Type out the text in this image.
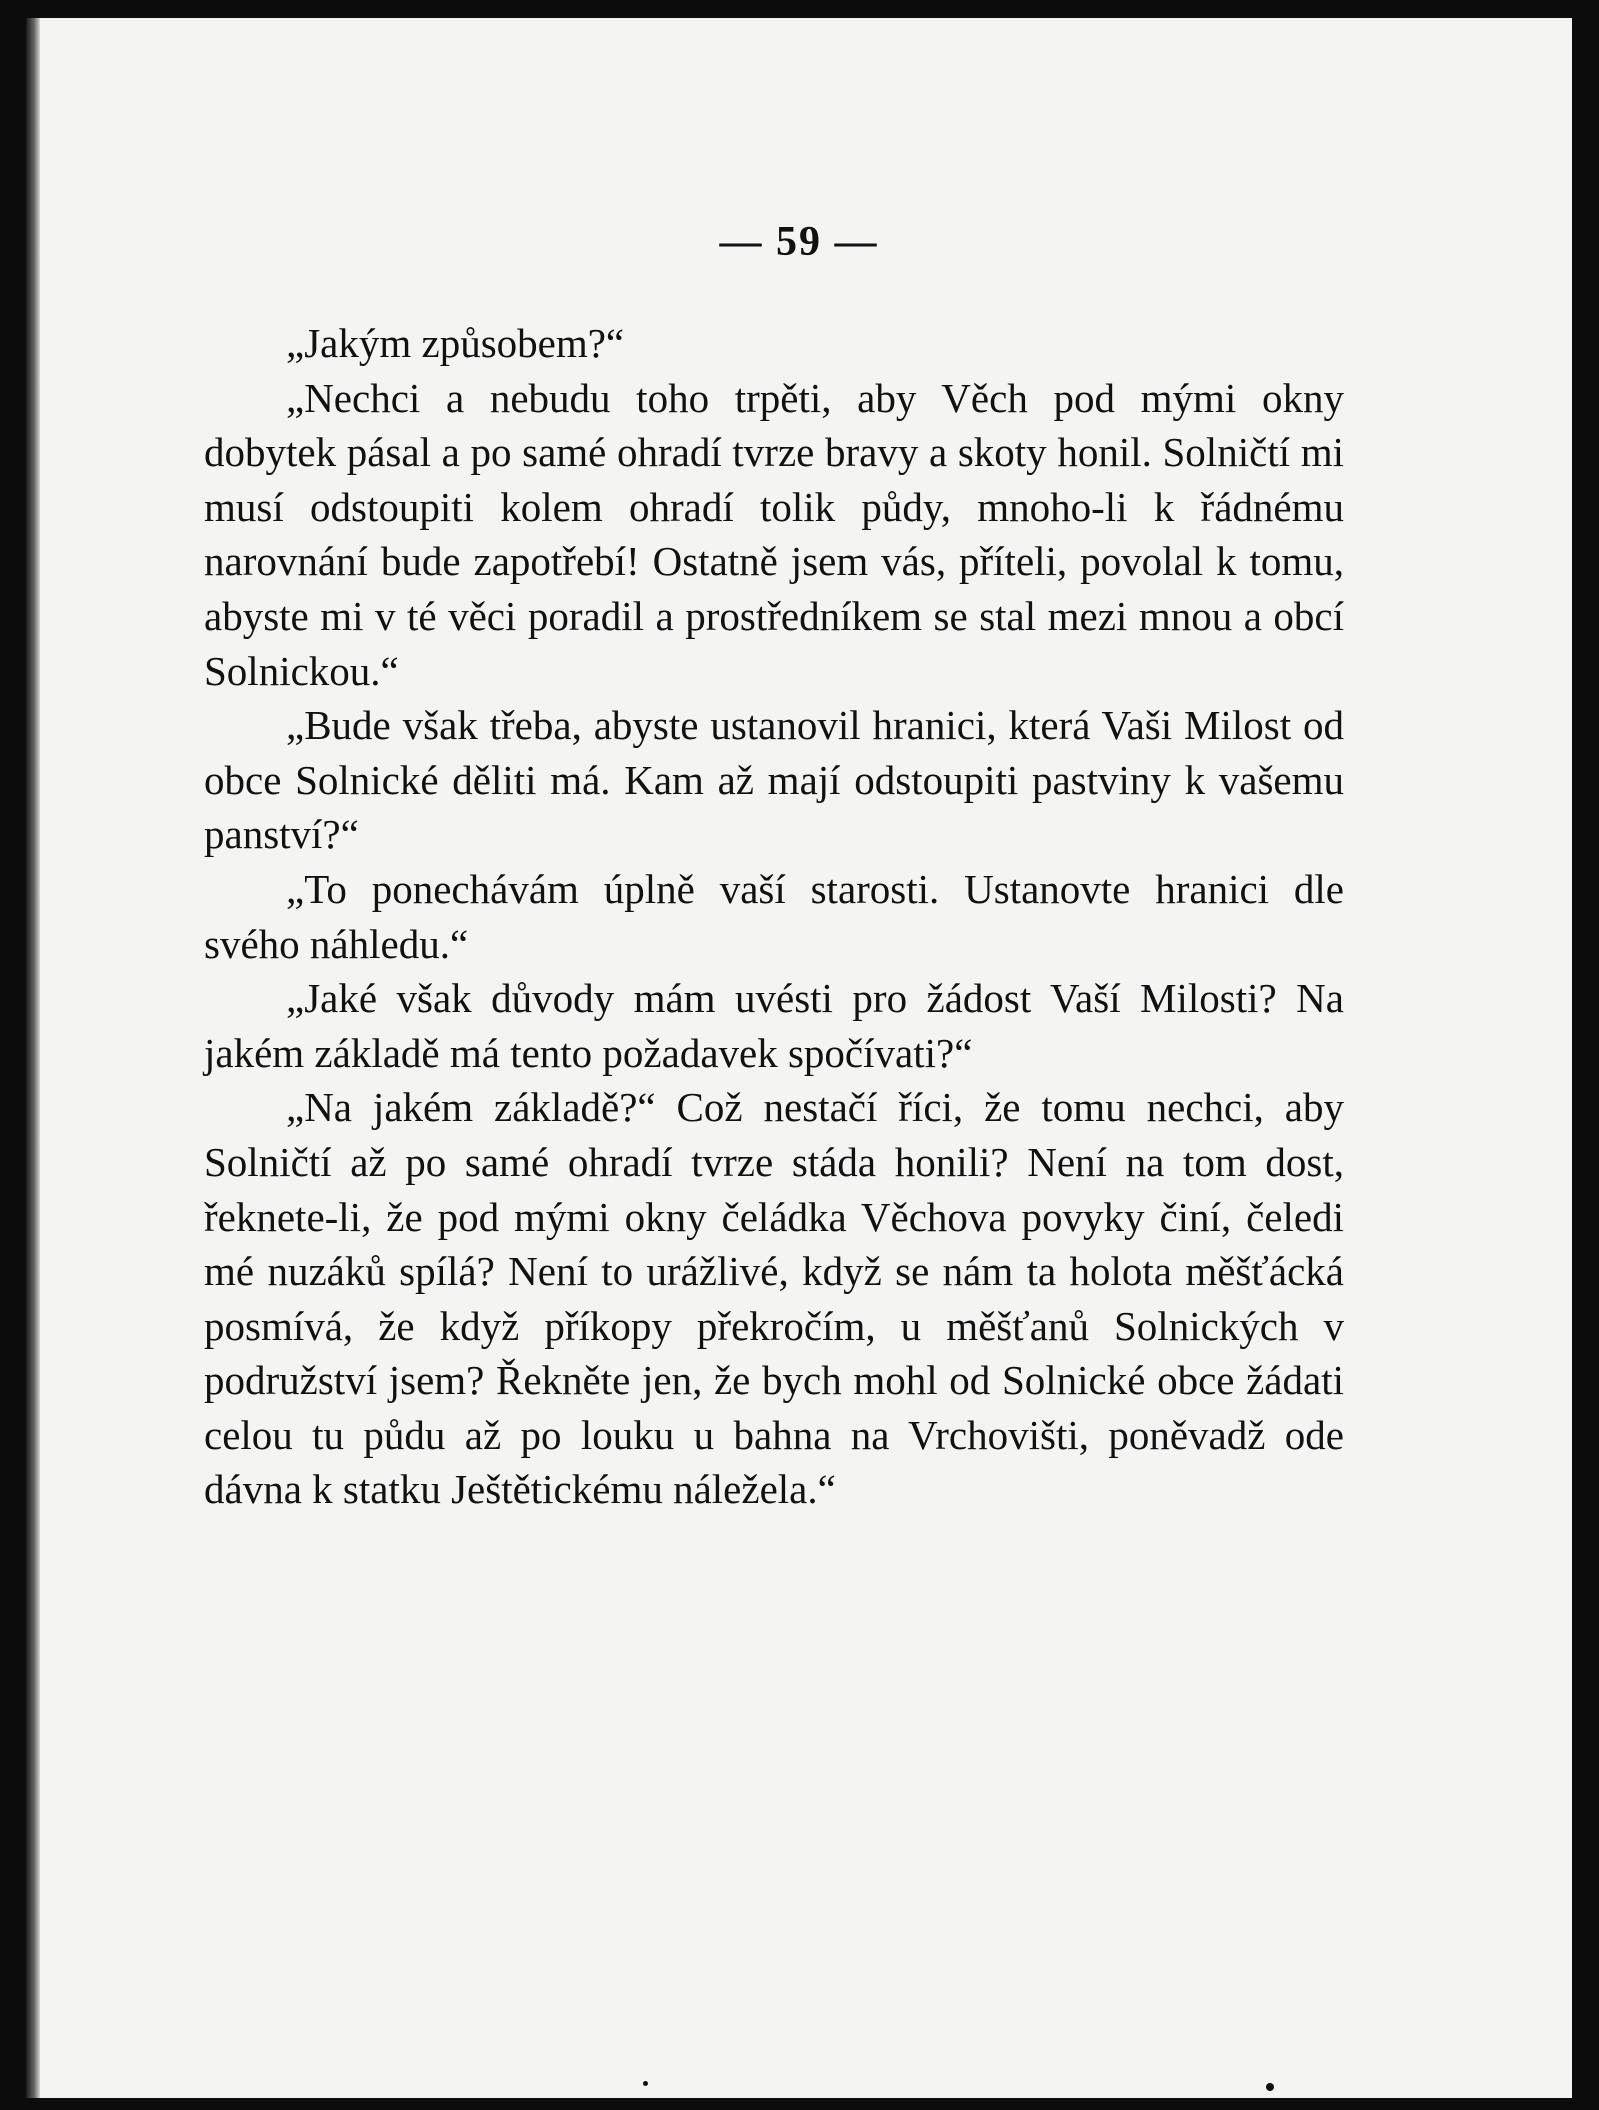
— 59 —

„Jakým způsobem?“

„Nechci a nebudu toho trpěti, aby Věch pod mými okny dobytek pásal a po samé ohradí tvrze bravy a skoty honil. Solničtí mi musí odstoupiti kolem ohradí tolik půdy, mnoho-li k řádnému narovnání bude zapotřebí! Ostatně jsem vás, příteli, povolal k tomu, abyste mi v té věci poradil a prostředníkem se stal mezi mnou a obcí Solnickou.“

„Bude však třeba, abyste ustanovil hranici, která Vaši Milost od obce Solnické děliti má. Kam až mají odstoupiti pastviny k vašemu panství?“

„To ponechávám úplně vaší starosti. Ustanovte hranici dle svého náhledu.“

„Jaké však důvody mám uvésti pro žádost Vaší Milosti? Na jakém základě má tento požadavek spočívati?“

„Na jakém základě?“ Což nestačí říci, že tomu nechci, aby Solničtí až po samé ohradí tvrze stáda honili? Není na tom dost, řeknete-li, že pod mými okny čeládka Věchova povyky činí, čeledi mé nuzáků spílá? Není to urážlivé, když se nám ta holota měšťácká posmívá, že když příkopy překročím, u měšťanů Solnických v podružství jsem? Řekněte jen, že bych mohl od Solnické obce žádati celou tu půdu až po louku u bahna na Vrchovišti, poněvadž ode dávna k statku Ještětickému náležela.“
